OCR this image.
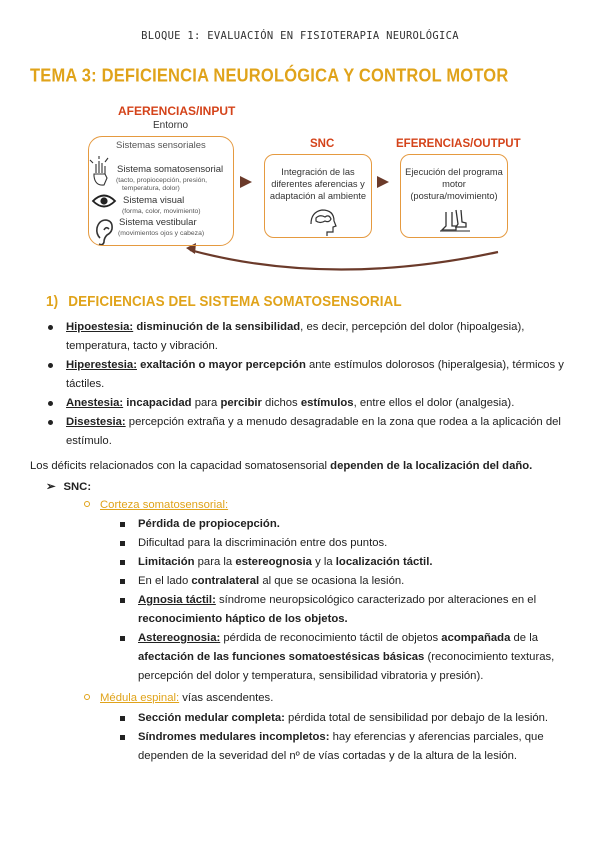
BLOQUE 1: EVALUACIÓN EN FISIOTERAPIA NEUROLÓGICA
TEMA 3: DEFICIENCIA NEUROLÓGICA Y CONTROL MOTOR
AFERENCIAS/INPUT
Entorno
Sistemas sensoriales
Sistema somatosensorial
(tacto, propiocepción, presión,
temperatura, dolor)
Sistema visual
(forma, color, movimiento)
Sistema vestibular
(movimientos ojos y cabeza)
SNC
Integración de las diferentes aferencias y adaptación al ambiente
EFERENCIAS/OUTPUT
Ejecución del programa motor (postura/movimiento)
1) DEFICIENCIAS DEL SISTEMA SOMATOSENSORIAL
Hipoestesia: disminución de la sensibilidad, es decir, percepción del dolor (hipoalgesia), temperatura, tacto y vibración.
Hiperestesia: exaltación o mayor percepción ante estímulos dolorosos (hiperalgesia), térmicos y táctiles.
Anestesia: incapacidad para percibir dichos estímulos, entre ellos el dolor (analgesia).
Disestesia: percepción extraña y a menudo desagradable en la zona que rodea a la aplicación del estímulo.
Los déficits relacionados con la capacidad somatosensorial dependen de la localización del daño.
➢ SNC:
Corteza somatosensorial:
Pérdida de propiocepción.
Dificultad para la discriminación entre dos puntos.
Limitación para la estereognosia y la localización táctil.
En el lado contralateral al que se ocasiona la lesión.
Agnosia táctil: síndrome neuropsicológico caracterizado por alteraciones en el reconocimiento háptico de los objetos.
Astereognosia: pérdida de reconocimiento táctil de objetos acompañada de la afectación de las funciones somatoestésicas básicas (reconocimiento texturas, percepción del dolor y temperatura, sensibilidad vibratoria y presión).
Médula espinal: vías ascendentes.
Sección medular completa: pérdida total de sensibilidad por debajo de la lesión.
Síndromes medulares incompletos: hay eferencias y aferencias parciales, que dependen de la severidad del nº de vías cortadas y de la altura de la lesión.
